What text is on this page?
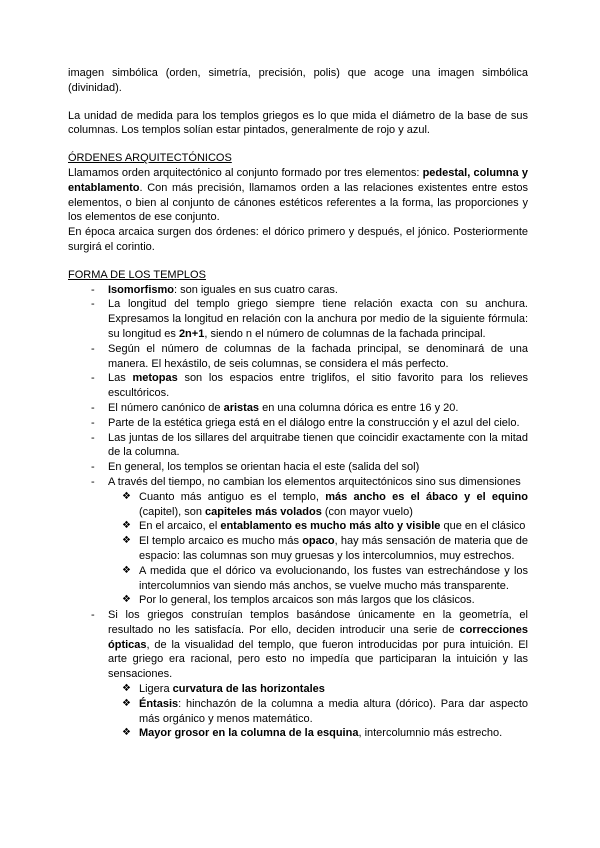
imagen simbólica (orden, simetría, precisión, polis) que acoge una imagen simbólica (divinidad).
La unidad de medida para los templos griegos es lo que mida el diámetro de la base de sus columnas. Los templos solían estar pintados, generalmente de rojo y azul.
ÓRDENES ARQUITECTÓNICOS
Llamamos orden arquitectónico al conjunto formado por tres elementos: pedestal, columna y entablamento. Con más precisión, llamamos orden a las relaciones existentes entre estos elementos, o bien al conjunto de cánones estéticos referentes a la forma, las proporciones y los elementos de ese conjunto.
En época arcaica surgen dos órdenes: el dórico primero y después, el jónico. Posteriormente surgirá el corintio.
FORMA DE LOS TEMPLOS
- Isomorfismo: son iguales en sus cuatro caras.
- La longitud del templo griego siempre tiene relación exacta con su anchura. Expresamos la longitud en relación con la anchura por medio de la siguiente fórmula: su longitud es 2n+1, siendo n el número de columnas de la fachada principal.
- Según el número de columnas de la fachada principal, se denominará de una manera. El hexástilo, de seis columnas, se considera el más perfecto.
- Las metopas son los espacios entre triglifos, el sitio favorito para los relieves escultóricos.
- El número canónico de aristas en una columna dórica es entre 16 y 20.
- Parte de la estética griega está en el diálogo entre la construcción y el azul del cielo.
- Las juntas de los sillares del arquitrabe tienen que coincidir exactamente con la mitad de la columna.
- En general, los templos se orientan hacia el este (salida del sol)
- A través del tiempo, no cambian los elementos arquitectónicos sino sus dimensiones
❖ Cuanto más antiguo es el templo, más ancho es el ábaco y el equino (capitel), son capiteles más volados (con mayor vuelo)
❖ En el arcaico, el entablamento es mucho más alto y visible que en el clásico
❖ El templo arcaico es mucho más opaco, hay más sensación de materia que de espacio: las columnas son muy gruesas y los intercolumnios, muy estrechos.
❖ A medida que el dórico va evolucionando, los fustes van estrechándose y los intercolumnios van siendo más anchos, se vuelve mucho más transparente.
❖ Por lo general, los templos arcaicos son más largos que los clásicos.
- Si los griegos construían templos basándose únicamente en la geometría, el resultado no les satisfacía. Por ello, deciden introducir una serie de correcciones ópticas, de la visualidad del templo, que fueron introducidas por pura intuición. El arte griego era racional, pero esto no impedía que participaran la intuición y las sensaciones.
❖ Ligera curvatura de las horizontales
❖ Éntasis: hinchazón de la columna a media altura (dórico). Para dar aspecto más orgánico y menos matemático.
❖ Mayor grosor en la columna de la esquina, intercolumnio más estrecho.
